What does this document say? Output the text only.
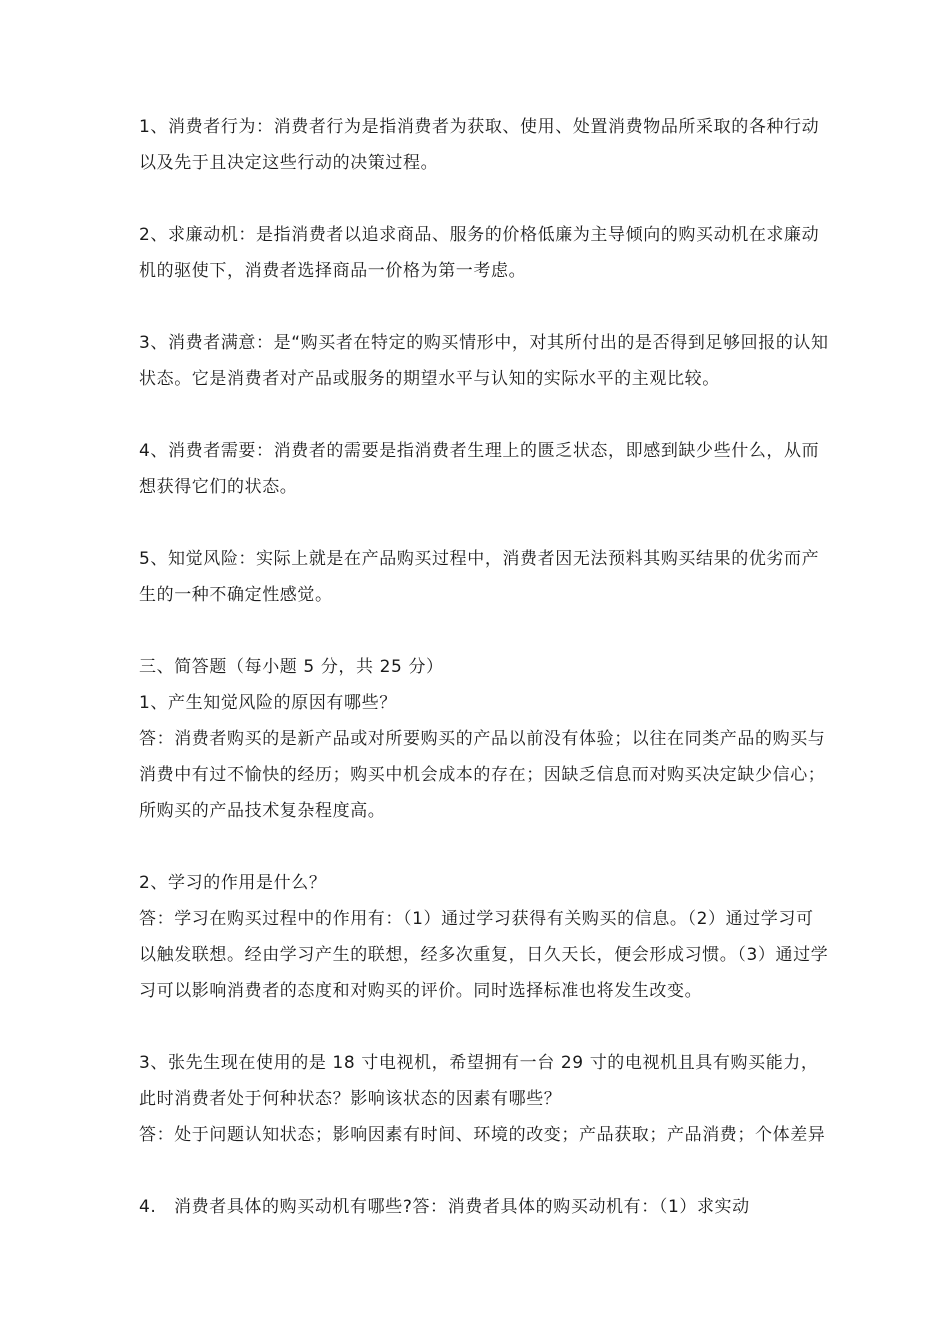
1、消费者行为：消费者行为是指消费者为获取、使用、处置消费物品所采取的各种行动以及先于且决定这些行动的决策过程。
2、求廉动机：是指消费者以追求商品、服务的价格低廉为主导倾向的购买动机在求廉动机的驱使下，消费者选择商品一价格为第一考虑。
3、消费者满意：是“购买者在特定的购买情形中，对其所付出的是否得到足够回报的认知状态。它是消费者对产品或服务的期望水平与认知的实际水平的主观比较。
4、消费者需要：消费者的需要是指消费者生理上的匮乏状态，即感到缺少些什么，从而想获得它们的状态。
5、知觉风险：实际上就是在产品购买过程中，消费者因无法预料其购买结果的优劣而产生的一种不确定性感觉。
三、简答题（每小题 5 分，共 25 分）
1、产生知觉风险的原因有哪些？
答：消费者购买的是新产品或对所要购买的产品以前没有体验；以往在同类产品的购买与消费中有过不愉快的经历；购买中机会成本的存在；因缺乏信息而对购买决定缺少信心；所购买的产品技术复杂程度高。
2、学习的作用是什么？
答：学习在购买过程中的作用有：（1）通过学习获得有关购买的信息。（2）通过学习可以触发联想。经由学习产生的联想，经多次重复，日久天长，便会形成习惯。（3）通过学习可以影响消费者的态度和对购买的评价。同时选择标准也将发生改变。
3、张先生现在使用的是 18 寸电视机，希望拥有一台 29 寸的电视机且具有购买能力，此时消费者处于何种状态？影响该状态的因素有哪些？
答：处于问题认知状态；影响因素有时间、环境的改变；产品获取；产品消费；个体差异
4.　消费者具体的购买动机有哪些?答：消费者具体的购买动机有：（1）求实动
